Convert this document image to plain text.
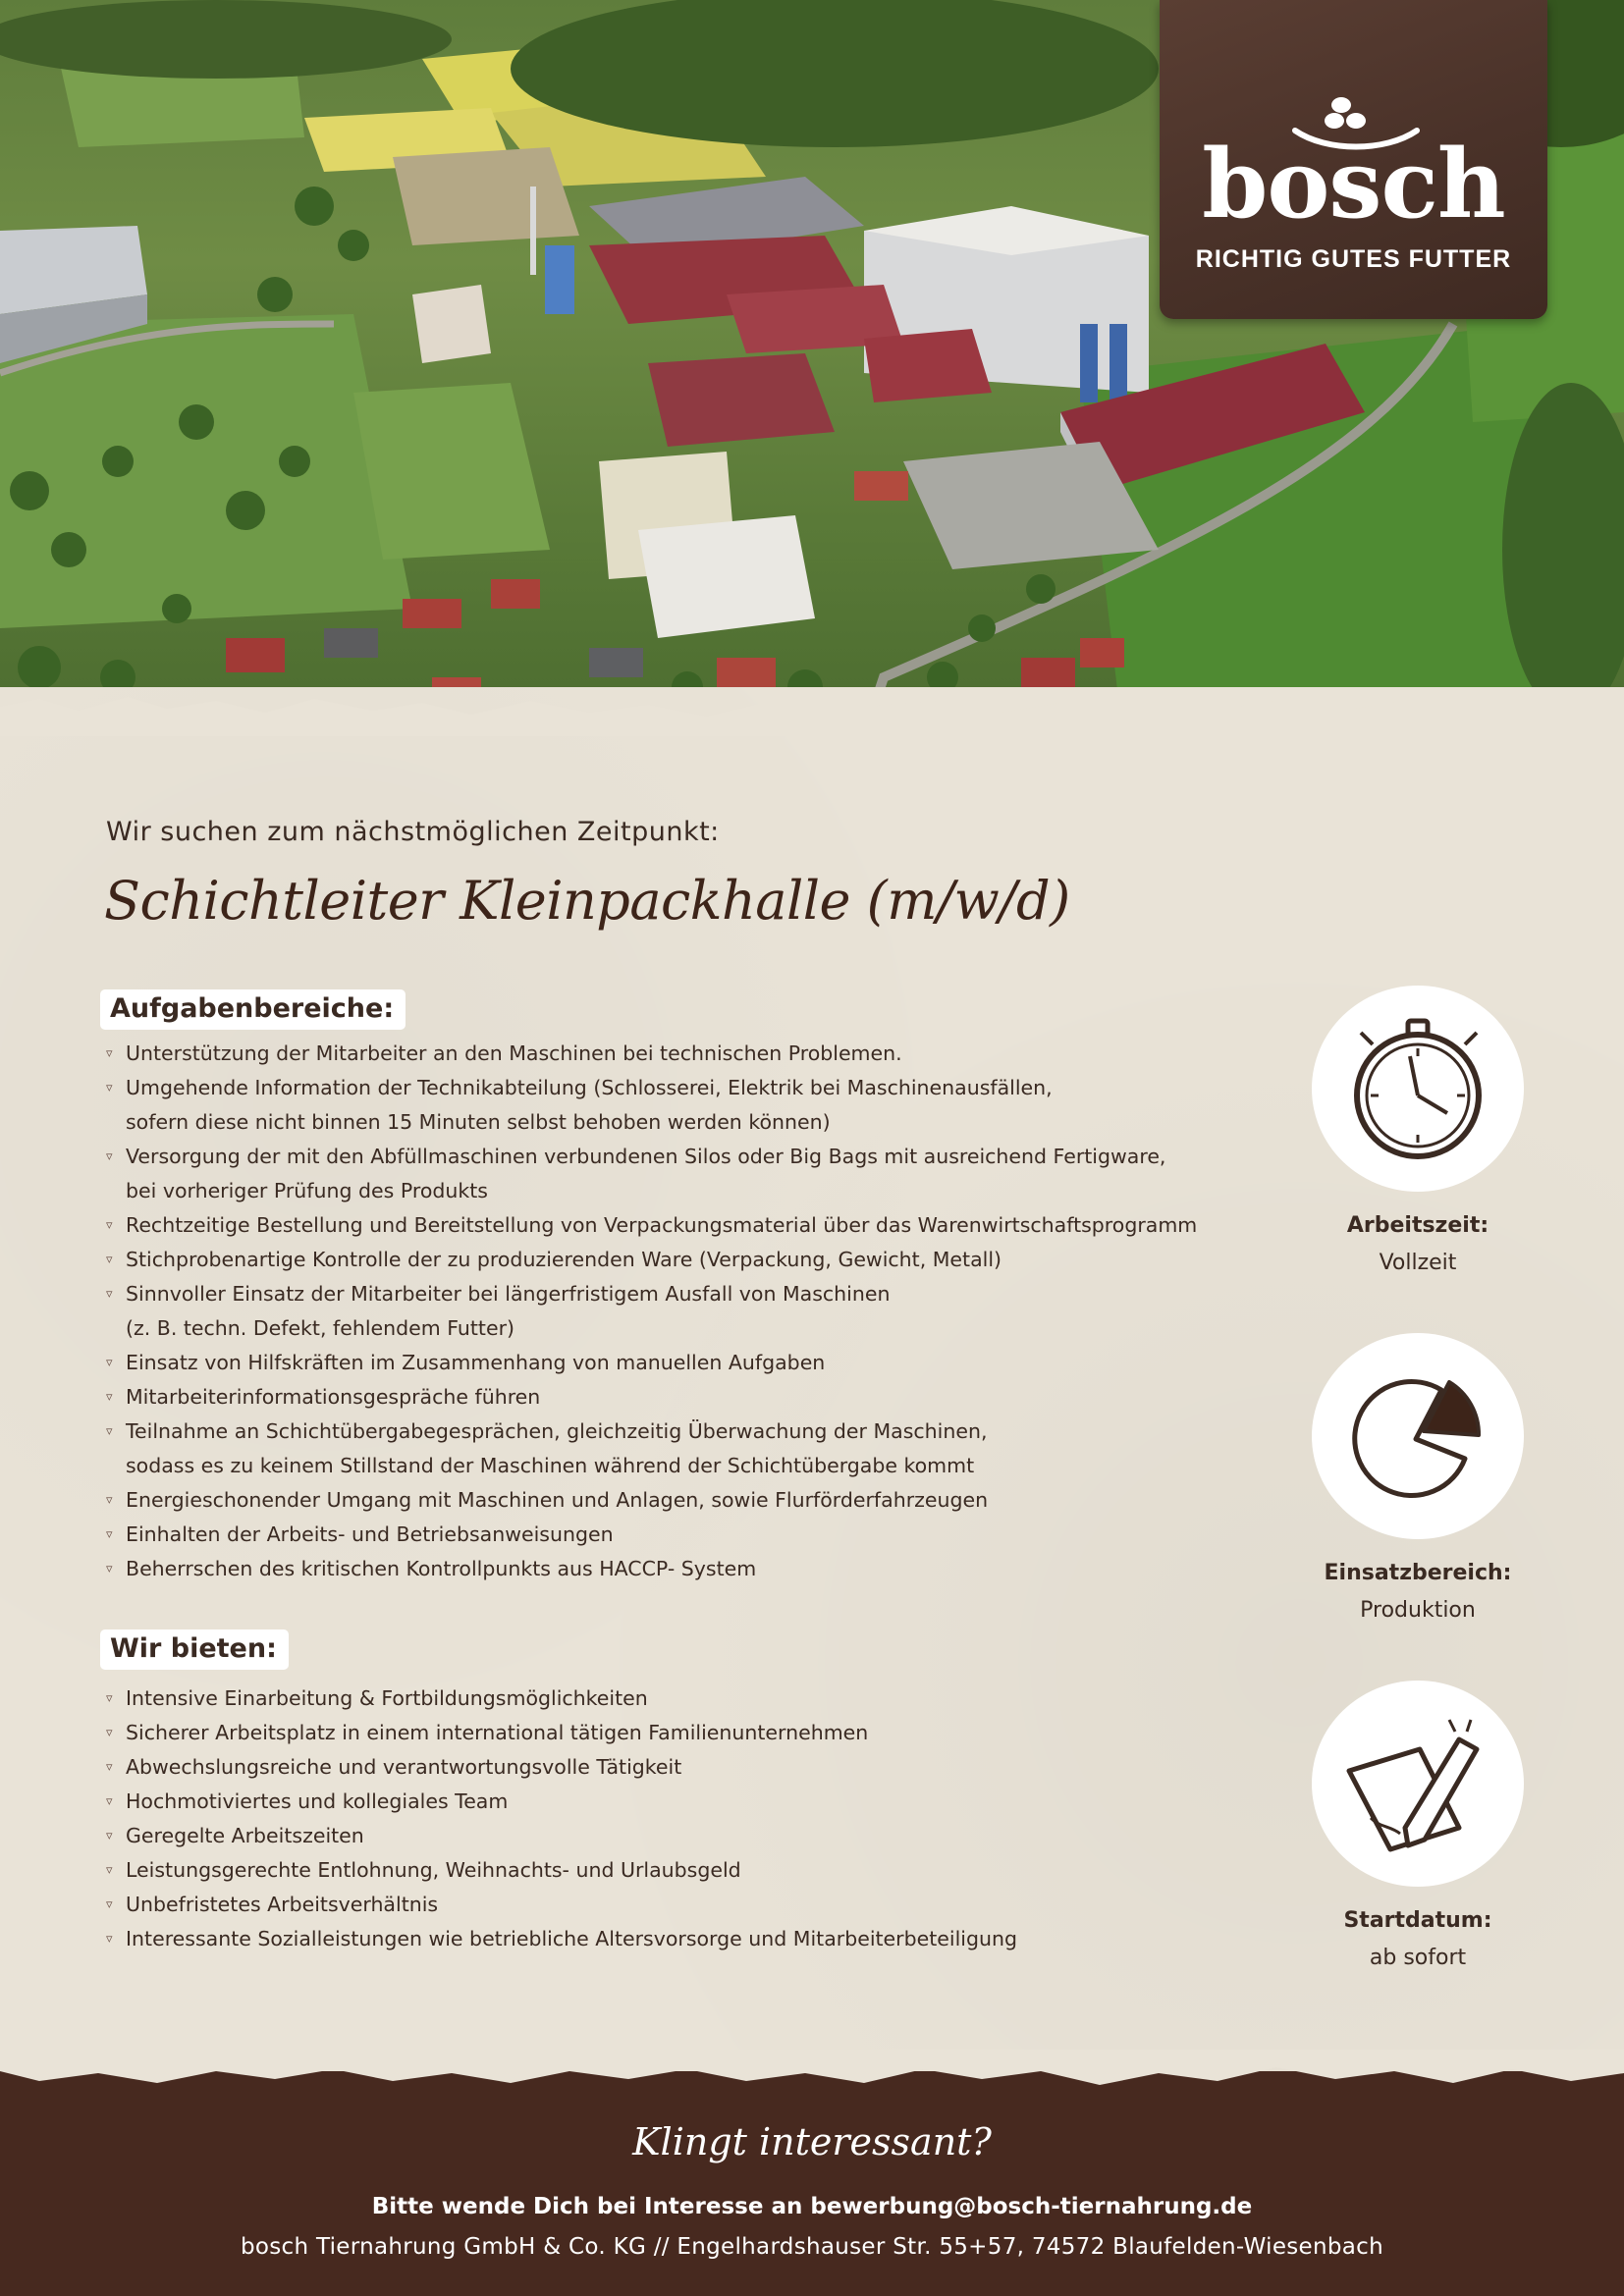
bosch
RICHTIG GUTES FUTTER
Wir suchen zum nächstmöglichen Zeitpunkt:
Schichtleiter Kleinpackhalle (m/w/d)
Aufgabenbereiche:
▿ Unterstützung der Mitarbeiter an den Maschinen bei technischen Problemen.
▿ Umgehende Information der Technikabteilung (Schlosserei, Elektrik bei Maschinenausfällen,
sofern diese nicht binnen 15 Minuten selbst behoben werden können)
▿ Versorgung der mit den Abfüllmaschinen verbundenen Silos oder Big Bags mit ausreichend Fertigware,
bei vorheriger Prüfung des Produkts
▿ Rechtzeitige Bestellung und Bereitstellung von Verpackungsmaterial über das Warenwirtschaftsprogramm
▿ Stichprobenartige Kontrolle der zu produzierenden Ware (Verpackung, Gewicht, Metall)
▿ Sinnvoller Einsatz der Mitarbeiter bei längerfristigem Ausfall von Maschinen
(z. B. techn. Defekt, fehlendem Futter)
▿ Einsatz von Hilfskräften im Zusammenhang von manuellen Aufgaben
▿ Mitarbeiterinformationsgespräche führen
▿ Teilnahme an Schichtübergabegesprächen, gleichzeitig Überwachung der Maschinen,
sodass es zu keinem Stillstand der Maschinen während der Schichtübergabe kommt
▿ Energieschonender Umgang mit Maschinen und Anlagen, sowie Flurförderfahrzeugen
▿ Einhalten der Arbeits- und Betriebsanweisungen
▿ Beherrschen des kritischen Kontrollpunkts aus HACCP- System
Wir bieten:
▿ Intensive Einarbeitung & Fortbildungsmöglichkeiten
▿ Sicherer Arbeitsplatz in einem international tätigen Familienunternehmen
▿ Abwechslungsreiche und verantwortungsvolle Tätigkeit
▿ Hochmotiviertes und kollegiales Team
▿ Geregelte Arbeitszeiten
▿ Leistungsgerechte Entlohnung, Weihnachts- und Urlaubsgeld
▿ Unbefristetes Arbeitsverhältnis
▿ Interessante Sozialleistungen wie betriebliche Altersvorsorge und Mitarbeiterbeteiligung
Arbeitszeit:
Vollzeit
Einsatzbereich:
Produktion
Startdatum:
ab sofort
Klingt interessant?
Bitte wende Dich bei Interesse an bewerbung@bosch-tiernahrung.de
bosch Tiernahrung GmbH & Co. KG // Engelhardshauser Str. 55+57, 74572 Blaufelden-Wiesenbach
